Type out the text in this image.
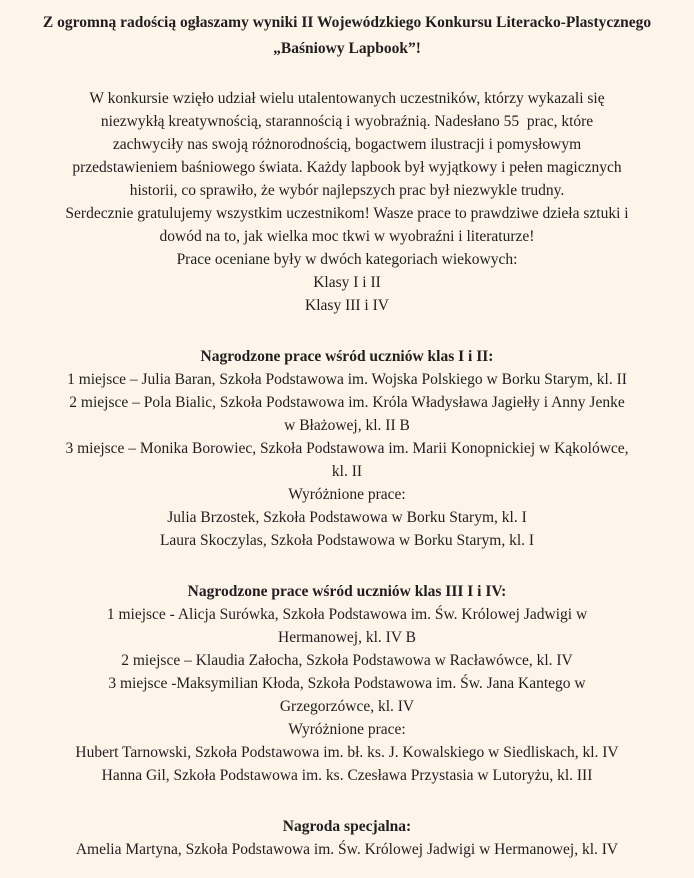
Z ogromną radością ogłaszamy wyniki II Wojewódzkiego Konkursu Literacko-Plastycznego
„Baśniowy Lapbook”!
W konkursie wzięło udział wielu utalentowanych uczestników, którzy wykazali się
niezwykłą kreatywnością, starannością i wyobraźnią. Nadesłano 55  prac, które
zachwyciły nas swoją różnorodnością, bogactwem ilustracji i pomysłowym
przedstawieniem baśniowego świata. Każdy lapbook był wyjątkowy i pełen magicznych
historii, co sprawiło, że wybór najlepszych prac był niezwykle trudny.
Serdecznie gratulujemy wszystkim uczestnikom! Wasze prace to prawdziwe dzieła sztuki i
dowód na to, jak wielka moc tkwi w wyobraźni i literaturze!
Prace oceniane były w dwóch kategoriach wiekowych:
Klasy I i II
Klasy III i IV
Nagrodzone prace wśród uczniów klas I i II:
1 miejsce – Julia Baran, Szkoła Podstawowa im. Wojska Polskiego w Borku Starym, kl. II
2 miejsce – Pola Bialic, Szkoła Podstawowa im. Króla Władysława Jagiełły i Anny Jenke
w Błażowej, kl. II B
3 miejsce – Monika Borowiec, Szkoła Podstawowa im. Marii Konopnickiej w Kąkolówce,
kl. II
Wyróżnione prace:
Julia Brzostek, Szkoła Podstawowa w Borku Starym, kl. I
Laura Skoczylas, Szkoła Podstawowa w Borku Starym, kl. I
Nagrodzone prace wśród uczniów klas III I i IV:
1 miejsce - Alicja Surówka, Szkoła Podstawowa im. Św. Królowej Jadwigi w
Hermanowej, kl. IV B
2 miejsce – Klaudia Załocha, Szkoła Podstawowa w Racławówce, kl. IV
3 miejsce -Maksymilian Kłoda, Szkoła Podstawowa im. Św. Jana Kantego w
Grzegorzówce, kl. IV
Wyróżnione prace:
Hubert Tarnowski, Szkoła Podstawowa im. bł. ks. J. Kowalskiego w Siedliskach, kl. IV
Hanna Gil, Szkoła Podstawowa im. ks. Czesława Przystasia w Lutoryżu, kl. III
Nagroda specjalna:
Amelia Martyna, Szkoła Podstawowa im. Św. Królowej Jadwigi w Hermanowej, kl. IV
